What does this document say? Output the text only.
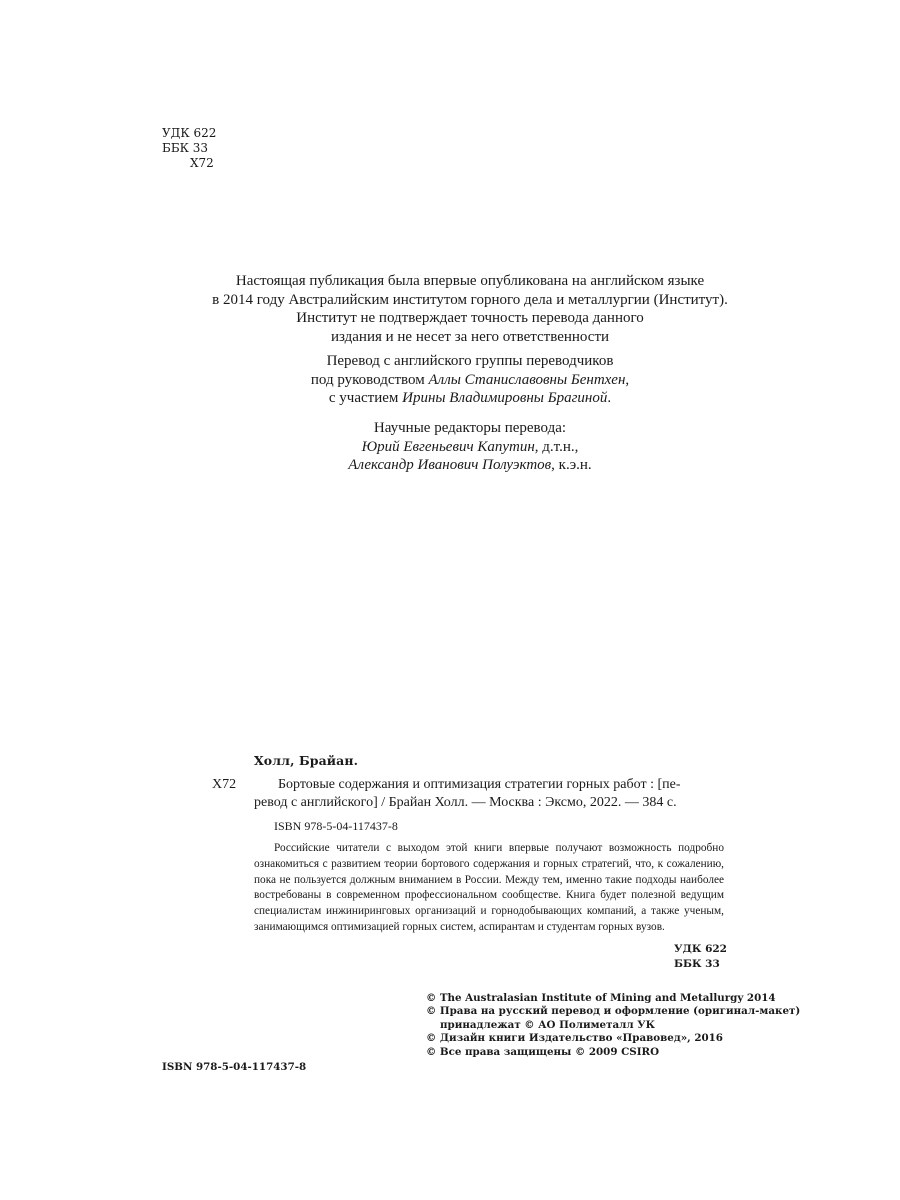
УДК 622
ББК 33
Х72
Настоящая публикация была впервые опубликована на английском языке
в 2014 году Австралийским институтом горного дела и металлургии (Институт).
Институт не подтверждает точность перевода данного
издания и не несет за него ответственности
Перевод с английского группы переводчиков
под руководством Аллы Станиславовны Бентхен,
с участием Ирины Владимировны Брагиной.
Научные редакторы перевода:
Юрий Евгеньевич Капутин, д.т.н.,
Александр Иванович Полуэктов, к.э.н.
Холл, Брайан.
Х72	Бортовые содержания и оптимизация стратегии горных работ : [пе-
ревод с английского] / Брайан Холл. — Москва : Эксмо, 2022. — 384 с.
ISBN 978-5-04-117437-8
Российские читатели с выходом этой книги впервые получают возможность подробно ознакомиться с развитием теории бортового содержания и горных стратегий, что, к сожалению, пока не пользуется должным вниманием в России. Между тем, именно такие подходы наиболее востребованы в современном профессиональном сообществе. Книга будет полезной ведущим специалистам инжиниринговых организаций и горнодобывающих компаний, а также ученым, занимающимся оптимизацией горных систем, аспирантам и студентам горных вузов.
УДК 622
ББК 33
© The Australasian Institute of Mining and Metallurgy 2014
© Права на русский перевод и оформление (оригинал-макет) принадлежат © АО Полиметалл УК
© Дизайн книги Издательство «Правовед», 2016
© Все права защищены © 2009 CSIRO
ISBN 978-5-04-117437-8
